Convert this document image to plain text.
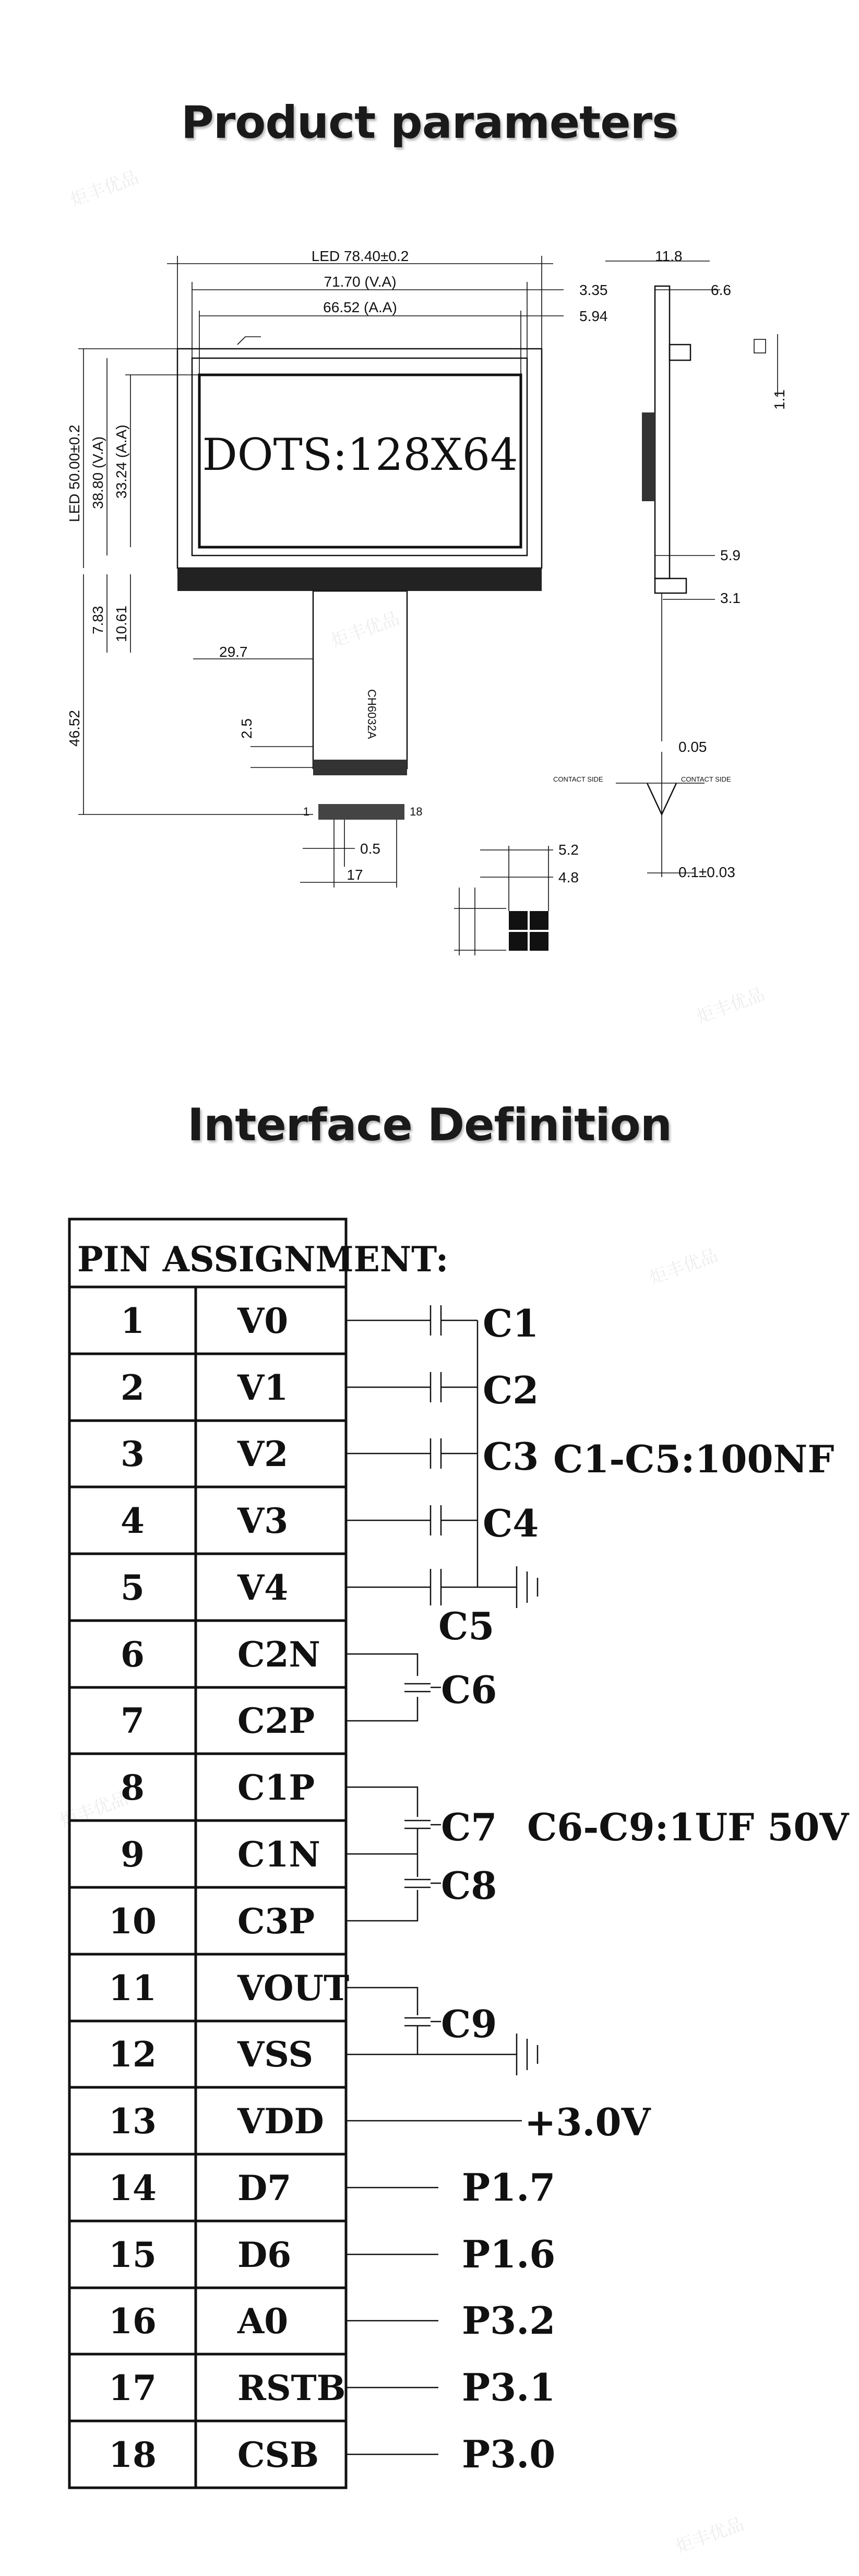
Product parameters
Interface Definition
DOTS:128X64
CH6032A
1	18
LED 78.40±0.2
71.70 (V.A)
3.35
66.52 (A.A)
5.94
LED 50.00±0.2 38.80 (V.A) 33.24 (A.A)
7.83 10.61
46.52
29.7
2.5
0.5
17
11.8
6.6
1.1
5.9
3.1
0.05
CONTACT SIDE	CONTACT SIDE
0.1±0.03
5.2
4.8
炬丰优品
炬丰优品
炬丰优品
炬丰优品
炬丰优品
炬丰优品
PIN ASSIGNMENT:
1	V0
2	V1
3	V2
4	V3
5	V4
6	C2N
7	C2P
8	C1P
9	C1N
10 C3P
11 VOUT
12 VSS
13 VDD
14 D7
15 D6
16 A0
17 RSTB
18 CSB
C1
C2
C3
C4
C5
C1-C5:100NF
C6
C7
C8
C6-C9:1UF 50V
C9
+3.0V
P1.7
P1.6
P3.2
P3.1
P3.0
